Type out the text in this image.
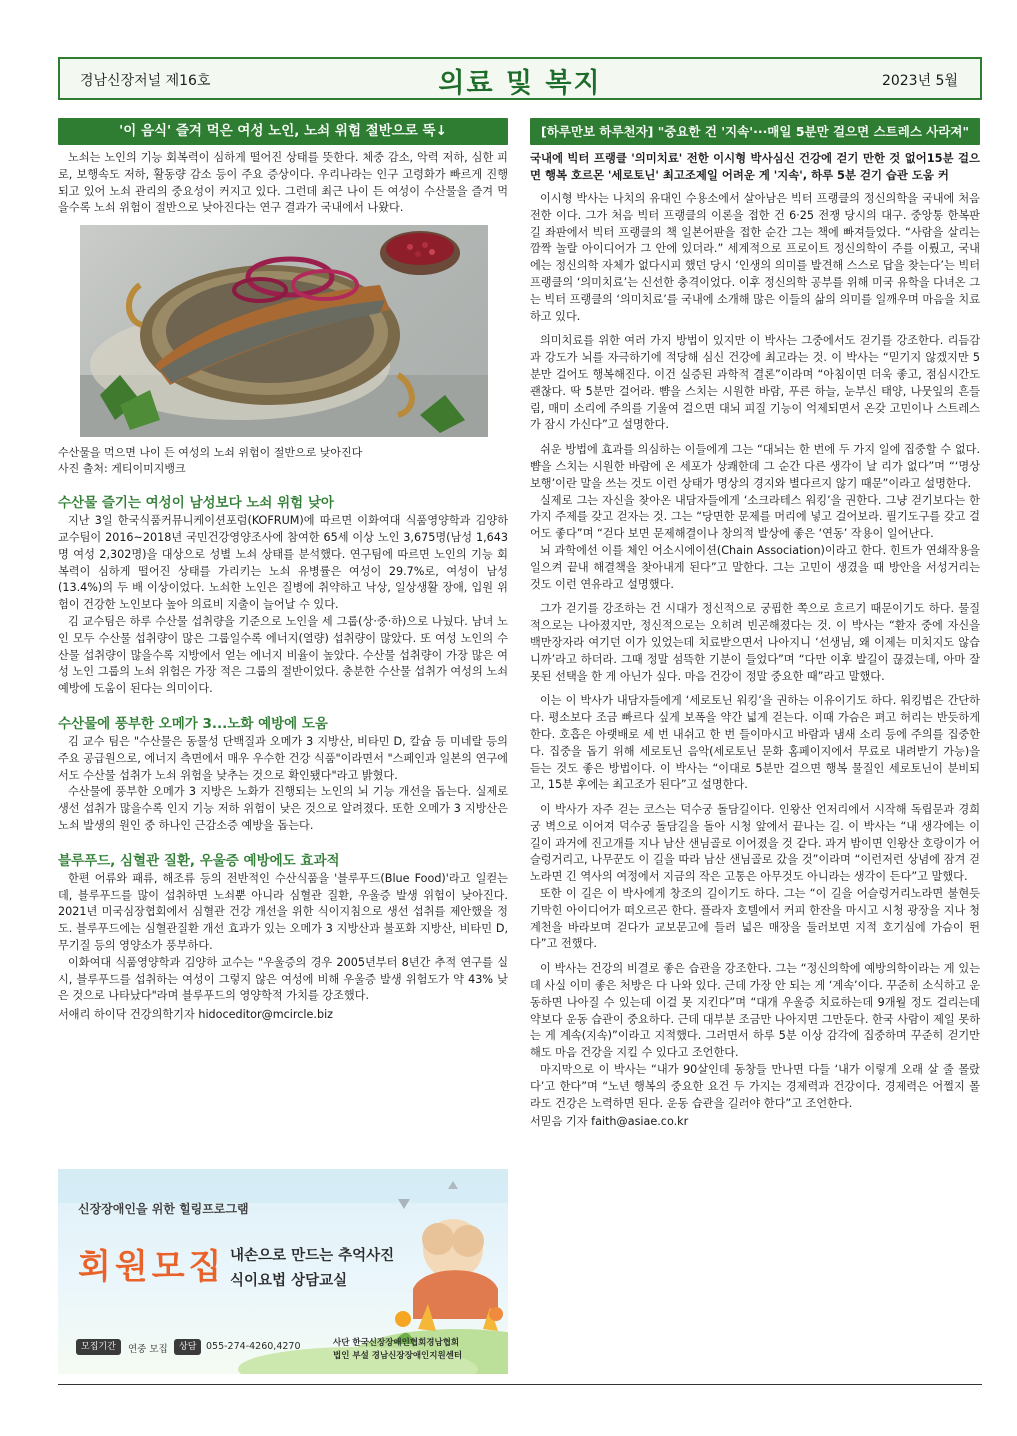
경남신장저널 제16호	의료 및 복지	2023년 5월
'이 음식' 즐겨 먹은 여성 노인, 노쇠 위험 절반으로 뚝↓

노쇠는 노인의 기능 회복력이 심하게 떨어진 상태를 뜻한다. 체중 감소, 악력 저하, 심한 피로, 보행속도 저하, 활동량 감소 등이 주요 증상이다. 우리나라는 인구 고령화가 빠르게 진행되고 있어 노쇠 관리의 중요성이 커지고 있다. 그런데 최근 나이 든 여성이 수산물을 즐겨 먹을수록 노쇠 위험이 절반으로 낮아진다는 연구 결과가 국내에서 나왔다.

수산물을 먹으면 나이 든 여성의 노쇠 위험이 절반으로 낮아진다
사진 출처: 게티이미지뱅크
수산물 즐기는 여성이 남성보다 노쇠 위험 낮아

지난 3일 한국식품커뮤니케이션포럼(KOFRUM)에 따르면 이화여대 식품영양학과 김양하 교수팀이 2016~2018년 국민건강영양조사에 참여한 65세 이상 노인 3,675명(남성 1,643명 여성 2,302명)을 대상으로 성별 노쇠 상태를 분석했다. 연구팀에 따르면 노인의 기능 회복력이 심하게 떨어진 상태를 가리키는 노쇠 유병률은 여성이 29.7%로, 여성이 남성(13.4%)의 두 배 이상이었다. 노쇠한 노인은 질병에 취약하고 낙상, 일상생활 장애, 입원 위험이 건강한 노인보다 높아 의료비 지출이 늘어날 수 있다.

김 교수팀은 하루 수산물 섭취량을 기준으로 노인을 세 그룹(상·중·하)으로 나눴다. 남녀 노인 모두 수산물 섭취량이 많은 그룹일수록 에너지(열량) 섭취량이 많았다. 또 여성 노인의 수산물 섭취량이 많을수록 지방에서 얻는 에너지 비율이 높았다. 수산물 섭취량이 가장 많은 여성 노인 그룹의 노쇠 위험은 가장 적은 그룹의 절반이었다. 충분한 수산물 섭취가 여성의 노쇠 예방에 도움이 된다는 의미이다.

수산물에 풍부한 오메가 3...노화 예방에 도움

김 교수 팀은 "수산물은 동물성 단백질과 오메가 3 지방산, 비타민 D, 칼슘 등 미네랄 등의 주요 공급원으로, 에너지 측면에서 매우 우수한 건강 식품"이라면서 "스페인과 일본의 연구에서도 수산물 섭취가 노쇠 위험을 낮추는 것으로 확인됐다"라고 밝혔다.

수산물에 풍부한 오메가 3 지방은 노화가 진행되는 노인의 뇌 기능 개선을 돕는다. 실제로 생선 섭취가 많을수록 인지 기능 저하 위험이 낮은 것으로 알려졌다. 또한 오메가 3 지방산은 노쇠 발생의 원인 중 하나인 근감소증 예방을 돕는다.

블루푸드, 심혈관 질환, 우울증 예방에도 효과적

한편 어류와 패류, 해조류 등의 전반적인 수산식품을 '블루푸드(Blue Food)'라고 일컫는데, 블루푸드를 많이 섭취하면 노쇠뿐 아니라 심혈관 질환, 우울증 발생 위험이 낮아진다. 2021년 미국심장협회에서 심혈관 건강 개선을 위한 식이지침으로 생선 섭취를 제안했을 정도. 블루푸드에는 심혈관질환 개선 효과가 있는 오메가 3 지방산과 불포화 지방산, 비타민 D, 무기질 등의 영양소가 풍부하다.

이화여대 식품영양학과 김양하 교수는 "우울증의 경우 2005년부터 8년간 추적 연구를 실시, 블루푸드를 섭취하는 여성이 그렇지 않은 여성에 비해 우울증 발생 위험도가 약 43% 낮은 것으로 나타났다"라며 블루푸드의 영양학적 가치를 강조했다.

서애리 하이닥 건강의학기자 hidoceditor@mcircle.biz
신장장애인을 위한 힐링프로그램
회원모집 내손으로 만드는 추억사진
식이요법 상담교실
모집기간	연중 모집	상담	055-274-4260,4270	사단 한국신장장애인협회경남협회
법인 부설 경남신장장애인지원센터
[하루만보 하루천자] "중요한 건 '지속'···매일 5분만 걸으면 스트레스 사라져"
국내에 빅터 프랭클 '의미치료' 전한 이시형 박사심신 건강에 걷기 만한 것 없어15분 걸으면 행복 호르몬 '세로토닌' 최고조제일 어려운 게 '지속', 하루 5분 걷기 습관 도움 커

이시형 박사는 나치의 유대인 수용소에서 살아남은 빅터 프랭클의 정신의학을 국내에 처음 전한 이다. 그가 처음 빅터 프랭클의 이론을 접한 건 6·25 전쟁 당시의 대구. 중앙통 한복판 길 좌판에서 빅터 프랭클의 책 일본어판을 접한 순간 그는 책에 빠져들었다. “사람을 살리는 깜짝 놀랄 아이디어가 그 안에 있더라.” 세계적으로 프로이트 정신의학이 주를 이뤘고, 국내에는 정신의학 자체가 없다시피 했던 당시 ‘인생의 의미를 발견해 스스로 답을 찾는다’는 빅터 프랭클의 ‘의미치료’는 신선한 충격이었다. 이후 정신의학 공부를 위해 미국 유학을 다녀온 그는 빅터 프랭클의 ‘의미치료’를 국내에 소개해 많은 이들의 삶의 의미를 일깨우며 마음을 치료하고 있다.

의미치료를 위한 여러 가지 방법이 있지만 이 박사는 그중에서도 걷기를 강조한다. 리듬감과 강도가 뇌를 자극하기에 적당해 심신 건강에 최고라는 것. 이 박사는 “믿기지 않겠지만 5분만 걸어도 행복해진다. 이건 실증된 과학적 결론”이라며 “아침이면 더욱 좋고, 점심시간도 괜찮다. 딱 5분만 걸어라. 뺨을 스치는 시원한 바람, 푸른 하늘, 눈부신 태양, 나뭇잎의 흔들림, 매미 소리에 주의를 기울여 걸으면 대뇌 피질 기능이 억제되면서 온갖 고민이나 스트레스가 잠시 가신다”고 설명한다.

쉬운 방법에 효과를 의심하는 이들에게 그는 “대뇌는 한 번에 두 가지 일에 집중할 수 없다. 뺨을 스치는 시원한 바람에 온 세포가 상쾌한데 그 순간 다른 생각이 날 리가 없다”며 “‘명상 보행’이란 말을 쓰는 것도 이런 상태가 명상의 경지와 별다르지 않기 때문”이라고 설명한다.

실제로 그는 자신을 찾아온 내담자들에게 ‘소크라테스 워킹’을 권한다. 그냥 걷기보다는 한 가지 주제를 갖고 걷자는 것. 그는 “당면한 문제를 머리에 넣고 걸어보라. 필기도구를 갖고 걸어도 좋다”며 “걷다 보면 문제해결이나 창의적 발상에 좋은 ‘연동’ 작용이 일어난다.

뇌 과학에선 이를 체인 어소시에이션(Chain Association)이라고 한다. 힌트가 연쇄작용을 일으켜 끝내 해결책을 찾아내게 된다”고 말한다. 그는 고민이 생겼을 때 방안을 서성거리는 것도 이런 연유라고 설명했다.

그가 걷기를 강조하는 건 시대가 정신적으로 궁핍한 쪽으로 흐르기 때문이기도 하다. 물질적으로는 나아졌지만, 정신적으로는 오히려 빈곤해졌다는 것. 이 박사는 “환자 중에 자신을 백만장자라 여기던 이가 있었는데 치료받으면서 나아지니 ‘선생님, 왜 이제는 미치지도 않습니까’라고 하더라. 그때 정말 섬뜩한 기분이 들었다”며 “다만 이후 발길이 끊겼는데, 아마 잘못된 선택을 한 게 아닌가 싶다. 마음 건강이 정말 중요한 때”라고 말했다.

이는 이 박사가 내담자들에게 ‘세로토닌 워킹’을 권하는 이유이기도 하다. 워킹법은 간단하다. 평소보다 조금 빠르다 싶게 보폭을 약간 넓게 걷는다. 이때 가슴은 펴고 허리는 반듯하게 한다. 호흡은 아랫배로 세 번 내쉬고 한 번 들이마시고 바람과 냄새 소리 등에 주의를 집중한다. 집중을 돕기 위해 세로토닌 음악(세로토닌 문화 홈페이지에서 무료로 내려받기 가능)을 듣는 것도 좋은 방법이다. 이 박사는 “이대로 5분만 걸으면 행복 물질인 세로토닌이 분비되고, 15분 후에는 최고조가 된다”고 설명한다.

이 박사가 자주 걷는 코스는 덕수궁 돌담길이다. 인왕산 언저리에서 시작해 독립문과 경희궁 벽으로 이어져 덕수궁 돌담길을 돌아 시청 앞에서 끝나는 길. 이 박사는 “내 생각에는 이 길이 과거에 진고개를 지나 남산 샌님골로 이어졌을 것 같다. 과거 밤이면 인왕산 호랑이가 어슬렁거리고, 나무꾼도 이 길을 따라 남산 샌님골로 갔을 것”이라며 “이런저런 상념에 잠겨 걷노라면 긴 역사의 여정에서 지금의 작은 고통은 아무것도 아니라는 생각이 든다”고 말했다.

또한 이 길은 이 박사에게 창조의 길이기도 하다. 그는 “이 길을 어슬렁거리노라면 불현듯 기막힌 아이디어가 떠오르곤 한다. 플라자 호텔에서 커피 한잔을 마시고 시청 광장을 지나 청계천을 바라보며 걷다가 교보문고에 들러 넓은 매장을 둘러보면 지적 호기심에 가슴이 뛴다”고 전했다.

이 박사는 건강의 비결로 좋은 습관을 강조한다. 그는 “정신의학에 예방의학이라는 게 있는데 사실 이미 좋은 처방은 다 나와 있다. 근데 가장 안 되는 게 ‘계속’이다. 꾸준히 소식하고 운동하면 나아질 수 있는데 이걸 못 지킨다”며 “대개 우울증 치료하는데 9개월 정도 걸리는데 약보다 운동 습관이 중요하다. 근데 대부분 조금만 나아지면 그만둔다. 한국 사람이 제일 못하는 게 계속(지속)”이라고 지적했다. 그러면서 하루 5분 이상 감각에 집중하며 꾸준히 걷기만 해도 마음 건강을 지킬 수 있다고 조언한다.

마지막으로 이 박사는 “내가 90살인데 동창들 만나면 다들 ‘내가 이렇게 오래 살 줄 몰랐다’고 한다”며 “노년 행복의 중요한 요건 두 가지는 경제력과 건강이다. 경제력은 어쩔지 몰라도 건강은 노력하면 된다. 운동 습관을 길러야 한다”고 조언한다.

서믿음 기자 faith@asiae.co.kr
